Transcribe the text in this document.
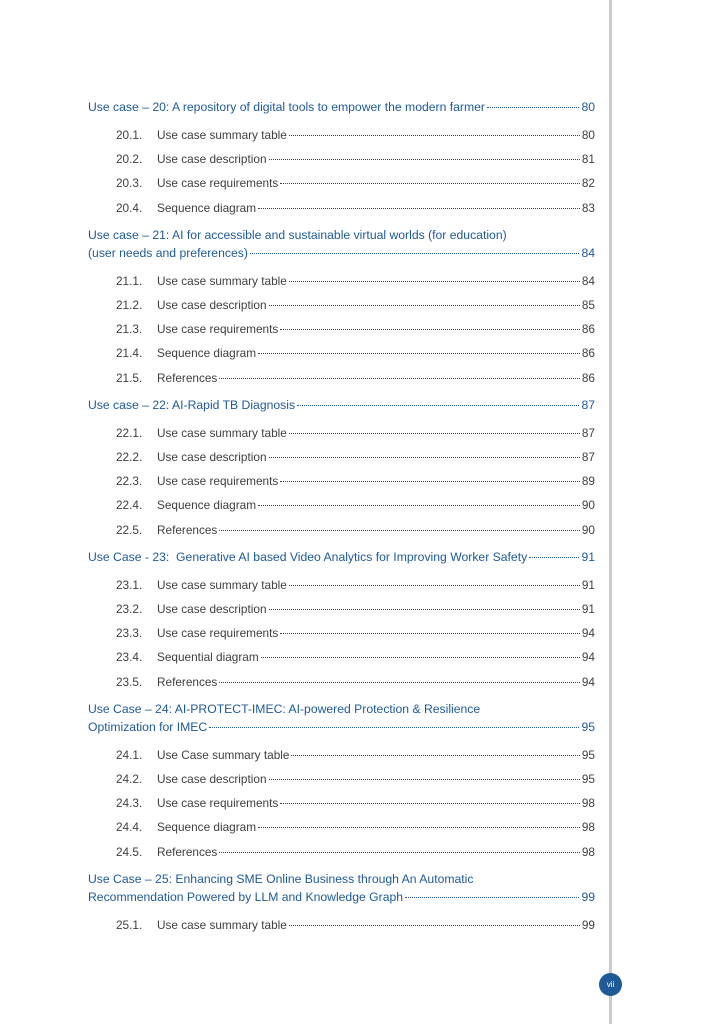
Use case – 20: A repository of digital tools to empower the modern farmer	80
20.1.	Use case summary table	80
20.2.	Use case description	81
20.3.	Use case requirements	82
20.4.	Sequence diagram	83
Use case – 21: AI for accessible and sustainable virtual worlds (for education)
(user needs and preferences)	84
21.1.	Use case summary table	84
21.2.	Use case description	85
21.3.	Use case requirements	86
21.4.	Sequence diagram	86
21.5.	References	86
Use case – 22: AI-Rapid TB Diagnosis	87
22.1.	Use case summary table	87
22.2.	Use case description	87
22.3.	Use case requirements	89
22.4.	Sequence diagram	90
22.5.	References	90
Use Case - 23:  Generative AI based Video Analytics for Improving Worker Safety	91
23.1.	Use case summary table	91
23.2.	Use case description	91
23.3.	Use case requirements	94
23.4.	Sequential diagram	94
23.5.	References	94
Use Case – 24: AI-PROTECT-IMEC: AI-powered Protection & Resilience
Optimization for IMEC	95
24.1.	Use Case summary table	95
24.2.	Use case description	95
24.3.	Use case requirements	98
24.4.	Sequence diagram	98
24.5.	References	98
Use Case – 25: Enhancing SME Online Business through An Automatic
Recommendation Powered by LLM and Knowledge Graph	99
25.1.	Use case summary table	99
vii
